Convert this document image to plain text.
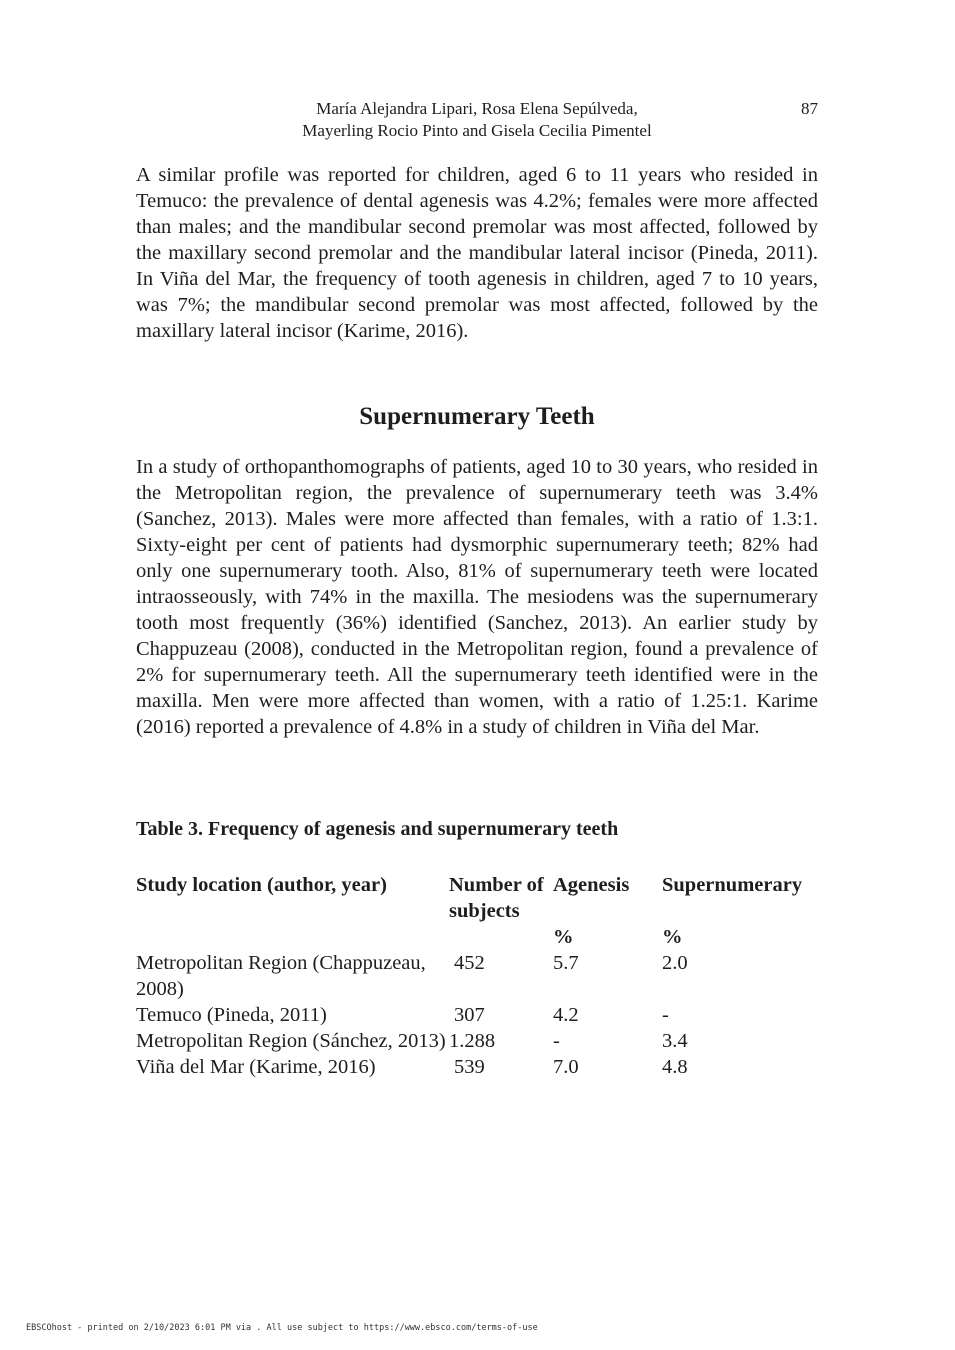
María Alejandra Lipari, Rosa Elena Sepúlveda,
Mayerling Rocio Pinto and Gisela Cecilia Pimentel
87

A similar profile was reported for children, aged 6 to 11 years who resided in Temuco: the prevalence of dental agenesis was 4.2%; females were more affected than males; and the mandibular second premolar was most affected, followed by the maxillary second premolar and the mandibular lateral incisor (Pineda, 2011). In Viña del Mar, the frequency of tooth agenesis in children, aged 7 to 10 years, was 7%; the mandibular second premolar was most affected, followed by the maxillary lateral incisor (Karime, 2016).

Supernumerary Teeth

In a study of orthopanthomographs of patients, aged 10 to 30 years, who resided in the Metropolitan region, the prevalence of supernumerary teeth was 3.4% (Sanchez, 2013). Males were more affected than females, with a ratio of 1.3:1. Sixty-eight per cent of patients had dysmorphic supernumerary teeth; 82% had only one supernumerary tooth. Also, 81% of supernumerary teeth were located intraosseously, with 74% in the maxilla. The mesiodens was the supernumerary tooth most frequently (36%) identified (Sanchez, 2013). An earlier study by Chappuzeau (2008), conducted in the Metropolitan region, found a prevalence of 2% for supernumerary teeth. All the supernumerary teeth identified were in the maxilla. Men were more affected than women, with a ratio of 1.25:1. Karime (2016) reported a prevalence of 4.8% in a study of children in Viña del Mar.

Table 3. Frequency of agenesis and supernumerary teeth

Study location (author, year)	Number of subjects	Agenesis	Supernumerary
		%	%
Metropolitan Region (Chappuzeau, 2008)	452	5.7	2.0
Temuco (Pineda, 2011)	307	4.2	-
Metropolitan Region (Sánchez, 2013)	1.288	-	3.4
Viña del Mar (Karime, 2016)	539	7.0	4.8
EBSCOhost - printed on 2/10/2023 6:01 PM via . All use subject to https://www.ebsco.com/terms-of-use
